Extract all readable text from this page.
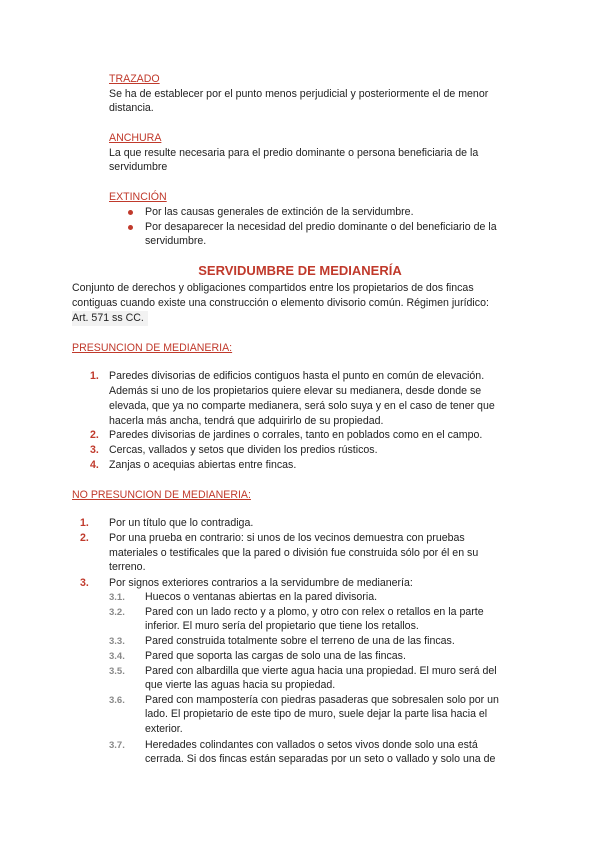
TRAZADO
Se ha de establecer por el punto menos perjudicial y posteriormente el de menor
distancia.
ANCHURA
La que resulte necesaria para el predio dominante o persona beneficiaria de la
servidumbre
EXTINCIÓN
Por las causas generales de extinción de la servidumbre.
Por desaparecer la necesidad del predio dominante o del beneficiario de la
servidumbre.
SERVIDUMBRE DE MEDIANERÍA
Conjunto de derechos y obligaciones compartidos entre los propietarios de dos fincas
contiguas cuando existe una construcción o elemento divisorio común. Régimen jurídico:
Art. 571 ss CC.
PRESUNCION DE MEDIANERIA:
1. Paredes divisorias de edificios contiguos hasta el punto en común de elevación.
Además si uno de los propietarios quiere elevar su medianera, desde donde se
elevada, que ya no comparte medianera, será solo suya y en el caso de tener que
hacerla más ancha, tendrá que adquirirlo de su propiedad.
2. Paredes divisorias de jardines o corrales, tanto en poblados como en el campo.
3. Cercas, vallados y setos que dividen los predios rústicos.
4. Zanjas o acequias abiertas entre fincas.
NO PRESUNCION DE MEDIANERIA:
1. Por un título que lo contradiga.
2. Por una prueba en contrario: si unos de los vecinos demuestra con pruebas
materiales o testificales que la pared o división fue construida sólo por él en su
terreno.
3. Por signos exteriores contrarios a la servidumbre de medianería:
3.1. Huecos o ventanas abiertas en la pared divisoria.
3.2. Pared con un lado recto y a plomo, y otro con relex o retallos en la parte
inferior. El muro sería del propietario que tiene los retallos.
3.3. Pared construida totalmente sobre el terreno de una de las fincas.
3.4. Pared que soporta las cargas de solo una de las fincas.
3.5. Pared con albardilla que vierte agua hacia una propiedad. El muro será del
que vierte las aguas hacia su propiedad.
3.6. Pared con mampostería con piedras pasaderas que sobresalen solo por un
lado. El propietario de este tipo de muro, suele dejar la parte lisa hacia el
exterior.
3.7. Heredades colindantes con vallados o setos vivos donde solo una está
cerrada. Si dos fincas están separadas por un seto o vallado y solo una de
